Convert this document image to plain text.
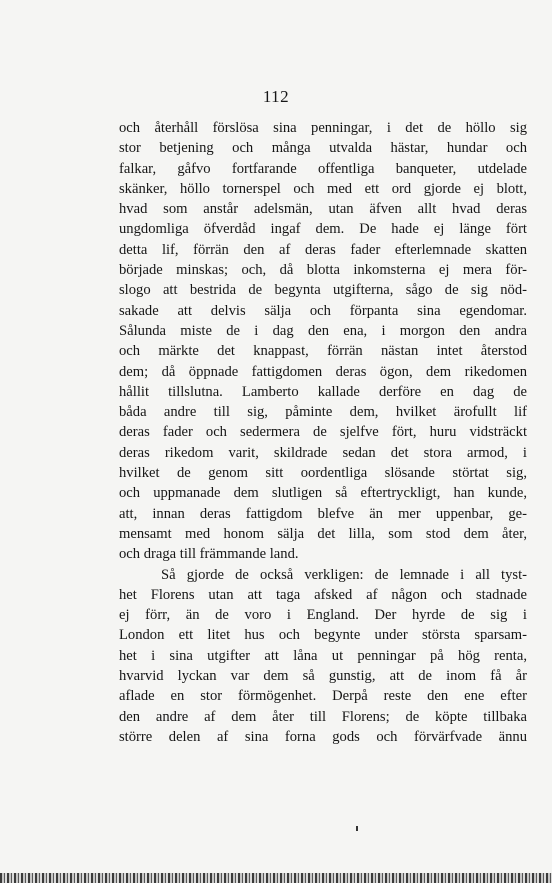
112
och återhåll förslösa sina penningar, i det de höllo sig
stor betjening och många utvalda hästar, hundar och
falkar, gåfvo fortfarande offentliga banqueter, utdelade
skänker, höllo tornerspel och med ett ord gjorde ej blott,
hvad som anstår adelsmän, utan äfven allt hvad deras
ungdomliga öfverdåd ingaf dem. De hade ej länge fört
detta lif, förrän den af deras fader efterlemnade skatten
började minskas; och, då blotta inkomsterna ej mera för-
slogo att bestrida de begynta utgifterna, sågo de sig nöd-
sakade att delvis sälja och förpanta sina egendomar.
Sålunda miste de i dag den ena, i morgon den andra
och märkte det knappast, förrän nästan intet återstod
dem; då öppnade fattigdomen deras ögon, dem rikedomen
hållit tillslutna. Lamberto kallade derföre en dag de
båda andre till sig, påminte dem, hvilket ärofullt lif
deras fader och sedermera de sjelfve fört, huru vidsträckt
deras rikedom varit, skildrade sedan det stora armod, i
hvilket de genom sitt oordentliga slösande störtat sig,
och uppmanade dem slutligen så eftertryckligt, han kunde,
att, innan deras fattigdom blefve än mer uppenbar, ge-
mensamt med honom sälja det lilla, som stod dem åter,
och draga till främmande land.
Så gjorde de också verkligen: de lemnade i all tyst-
het Florens utan att taga afsked af någon och stadnade
ej förr, än de voro i England. Der hyrde de sig i
London ett litet hus och begynte under största sparsam-
het i sina utgifter att låna ut penningar på hög renta,
hvarvid lyckan var dem så gunstig, att de inom få år
aflade en stor förmögenhet. Derpå reste den ene efter
den andre af dem åter till Florens; de köpte tillbaka
större delen af sina forna gods och förvärfvade ännu
